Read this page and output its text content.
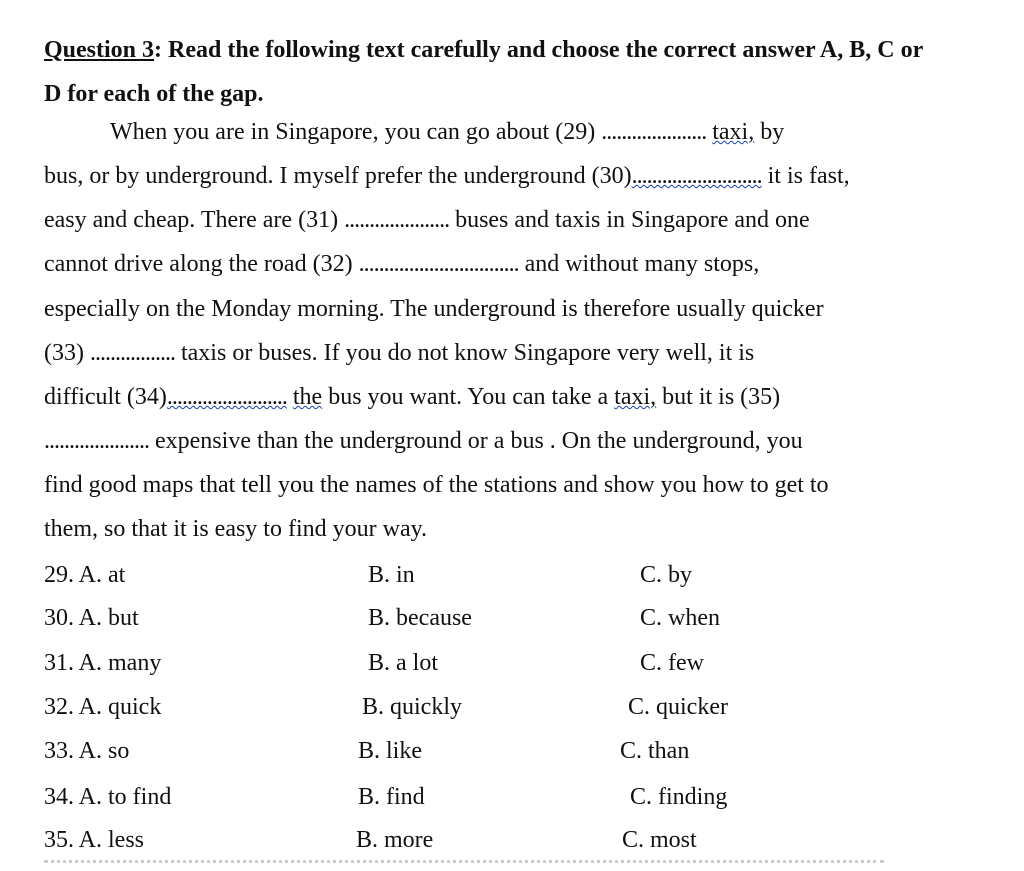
Question 3: Read the following text carefully and choose the correct answer A, B, C or D for each of the gap.
When you are in Singapore, you can go about (29) ..................... taxi, by
bus, or by underground. I myself prefer the underground (30).......................... it is fast,
easy and cheap. There are (31) ..................... buses and taxis in Singapore and one
cannot drive along the road (32) ................................ and without many stops,
especially on the Monday morning. The underground is therefore usually quicker
(33) ................. taxis or buses. If you do not know Singapore very well, it is
difficult (34)........................ the bus you want. You can take a taxi, but it is (35)
..................... expensive than the underground or a bus . On the underground, you
find good maps that tell you the names of the stations and show you how to get to
them, so that it is easy to find your way.
29. A. at	B. in	C. by
30. A. but	B. because	C. when
31. A. many	B. a lot	C. few
32. A. quick	B. quickly	C. quicker
33. A. so	B. like	C. than
34. A. to find	B. find	C. finding
35. A. less	B. more	C. most
